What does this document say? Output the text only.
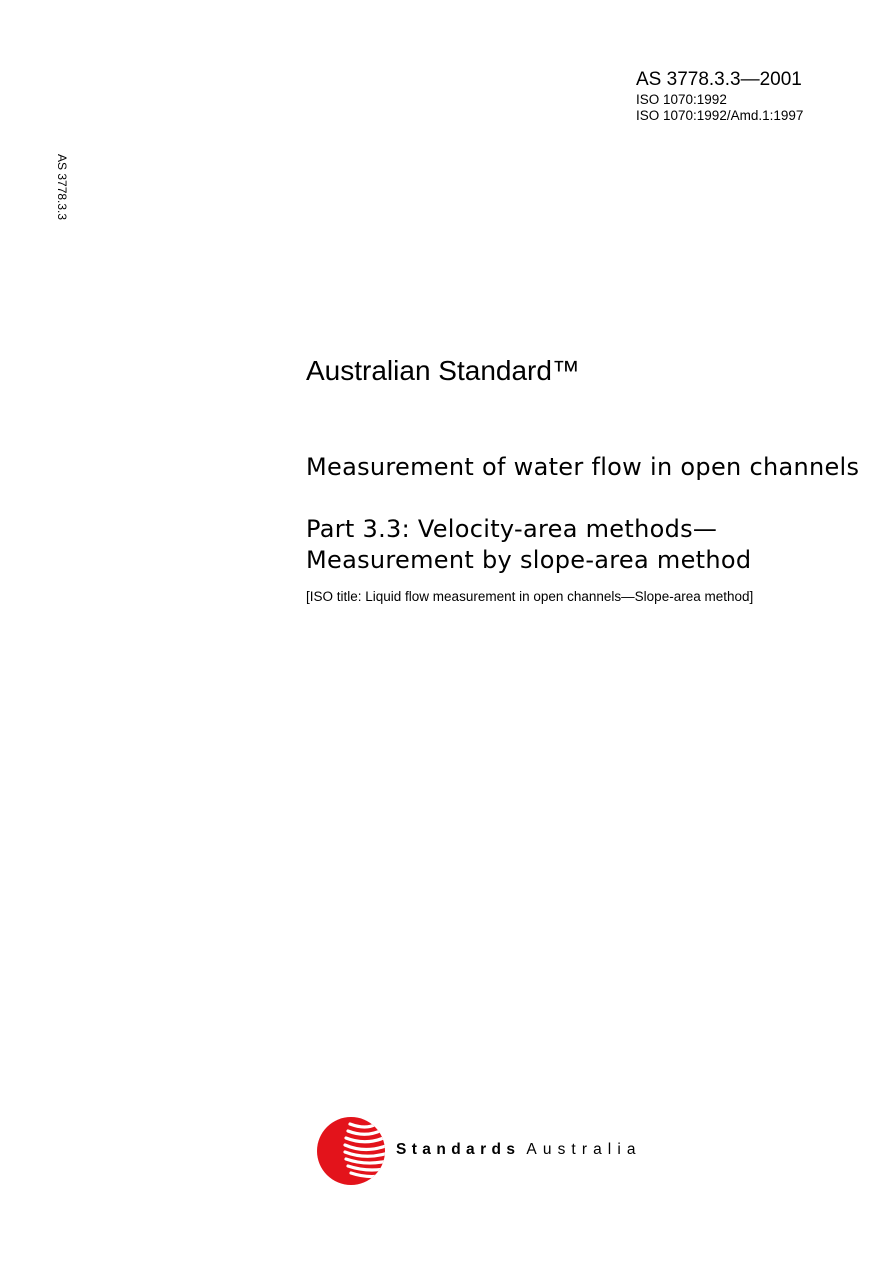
AS 3778.3.3—2001
ISO 1070:1992
ISO 1070:1992/Amd.1:1997
AS 3778.3.3
Australian Standard™
Measurement of water flow in open channels
Part 3.3: Velocity-area methods—
Measurement by slope-area method
[ISO title: Liquid flow measurement in open channels—Slope-area method]
Standards Australia
